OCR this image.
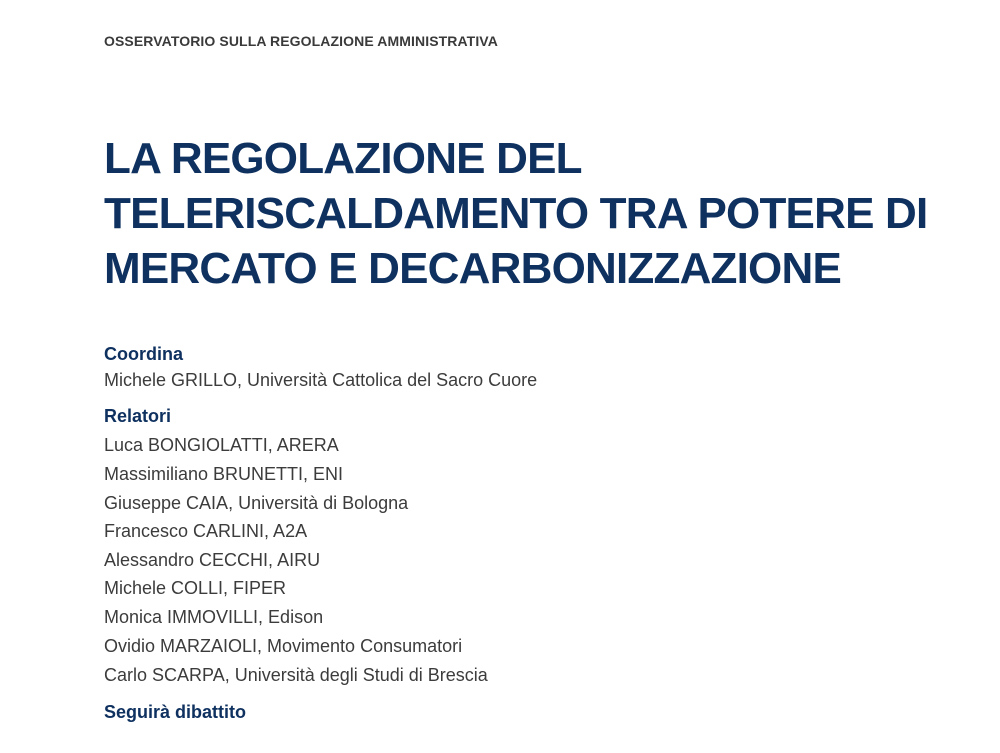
OSSERVATORIO SULLA REGOLAZIONE AMMINISTRATIVA
LA REGOLAZIONE DEL
TELERISCALDAMENTO TRA POTERE DI
MERCATO E DECARBONIZZAZIONE
Coordina
Michele GRILLO, Università Cattolica del Sacro Cuore
Relatori
Luca BONGIOLATTI, ARERA
Massimiliano BRUNETTI, ENI
Giuseppe CAIA, Università di Bologna
Francesco CARLINI, A2A
Alessandro CECCHI, AIRU
Michele COLLI, FIPER
Monica IMMOVILLI, Edison
Ovidio MARZAIOLI, Movimento Consumatori
Carlo SCARPA, Università degli Studi di Brescia
Seguirà dibattito
